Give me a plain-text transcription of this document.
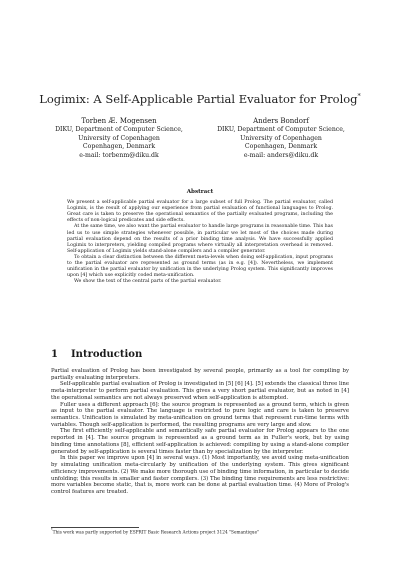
Logimix: A Self-Applicable Partial Evaluator for Prolog*
Torben Æ. Mogensen
DIKU, Department of Computer Science,
University of Copenhagen
Copenhagen, Denmark
e-mail: torbenm@diku.dk
Anders Bondorf
DIKU, Department of Computer Science,
University of Copenhagen
Copenhagen, Denmark
e-mail: anders@diku.dk
Abstract

We present a self-applicable partial evaluator for a large subset of full Prolog. The partial evaluator, called Logimix, is the result of applying our experience from partial evaluation of functional languages to Prolog. Great care is taken to preserve the operational semantics of the partially evaluated programs, including the effects of non-logical predicates and side effects.

At the same time, we also want the partial evaluator to handle large programs in reasonable time. This has led us to use simple strategies whenever possible, in particular we let most of the choices made during partial evaluation depend on the results of a prior binding time analysis. We have successfully applied Logimix to interpreters, yielding compiled programs where virtually all interpretation overhead is removed. Self-application of Logimix yields stand-alone compilers and a compiler generator.

To obtain a clear distinction between the different meta-levels when doing self-application, input programs to the partial evaluator are represented as ground terms (as in e.g. [4]). Nevertheless, we implement unification in the partial evaluator by unification in the underlying Prolog system. This significantly improves upon [4] which use explicitly coded meta-unification.

We show the text of the central parts of the partial evaluator.

1	Introduction

Partial evaluation of Prolog has been investigated by several people, primarily as a tool for compiling by partially evaluating interpreters.

Self-applicable partial evaluation of Prolog is investigated in [5] [6] [4]. [5] extends the classical three line meta-interpreter to perform partial evaluation. This gives a very short partial evaluator, but as noted in [4] the operational semantics are not always preserved when self-application is attempted.

Fuller uses a different approach [6]: the source program is represented as a ground term, which is given as input to the partial evaluator. The language is restricted to pure logic and care is taken to preserve semantics. Unification is simulated by meta-unification on ground terms that represent run-time terms with variables. Though self-application is performed, the resulting programs are very large and slow.

The first efficiently self-applicable and semantically safe partial evaluator for Prolog appears to the one reported in [4]. The source program is represented as a ground term as in Fuller's work, but by using binding time annotations [8], efficient self-application is achieved: compiling by using a stand-alone compiler generated by self-application is several times faster than by specialization by the interpreter.

In this paper we improve upon [4] in several ways. (1) Most importantly, we avoid using meta-unification by simulating unification meta-circularly by unification of the underlying system. This gives significant efficiency improvements. (2) We make more thorough use of binding time information, in particular to decide unfolding; this results in smaller and faster compilers. (3) The binding time requirements are less restrictive: more variables become static, that is, more work can be done at partial evaluation time. (4) More of Prolog's control features are treated.

*This work was partly supported by ESPRIT Basic Research Actions project 3124 "Semantique"
